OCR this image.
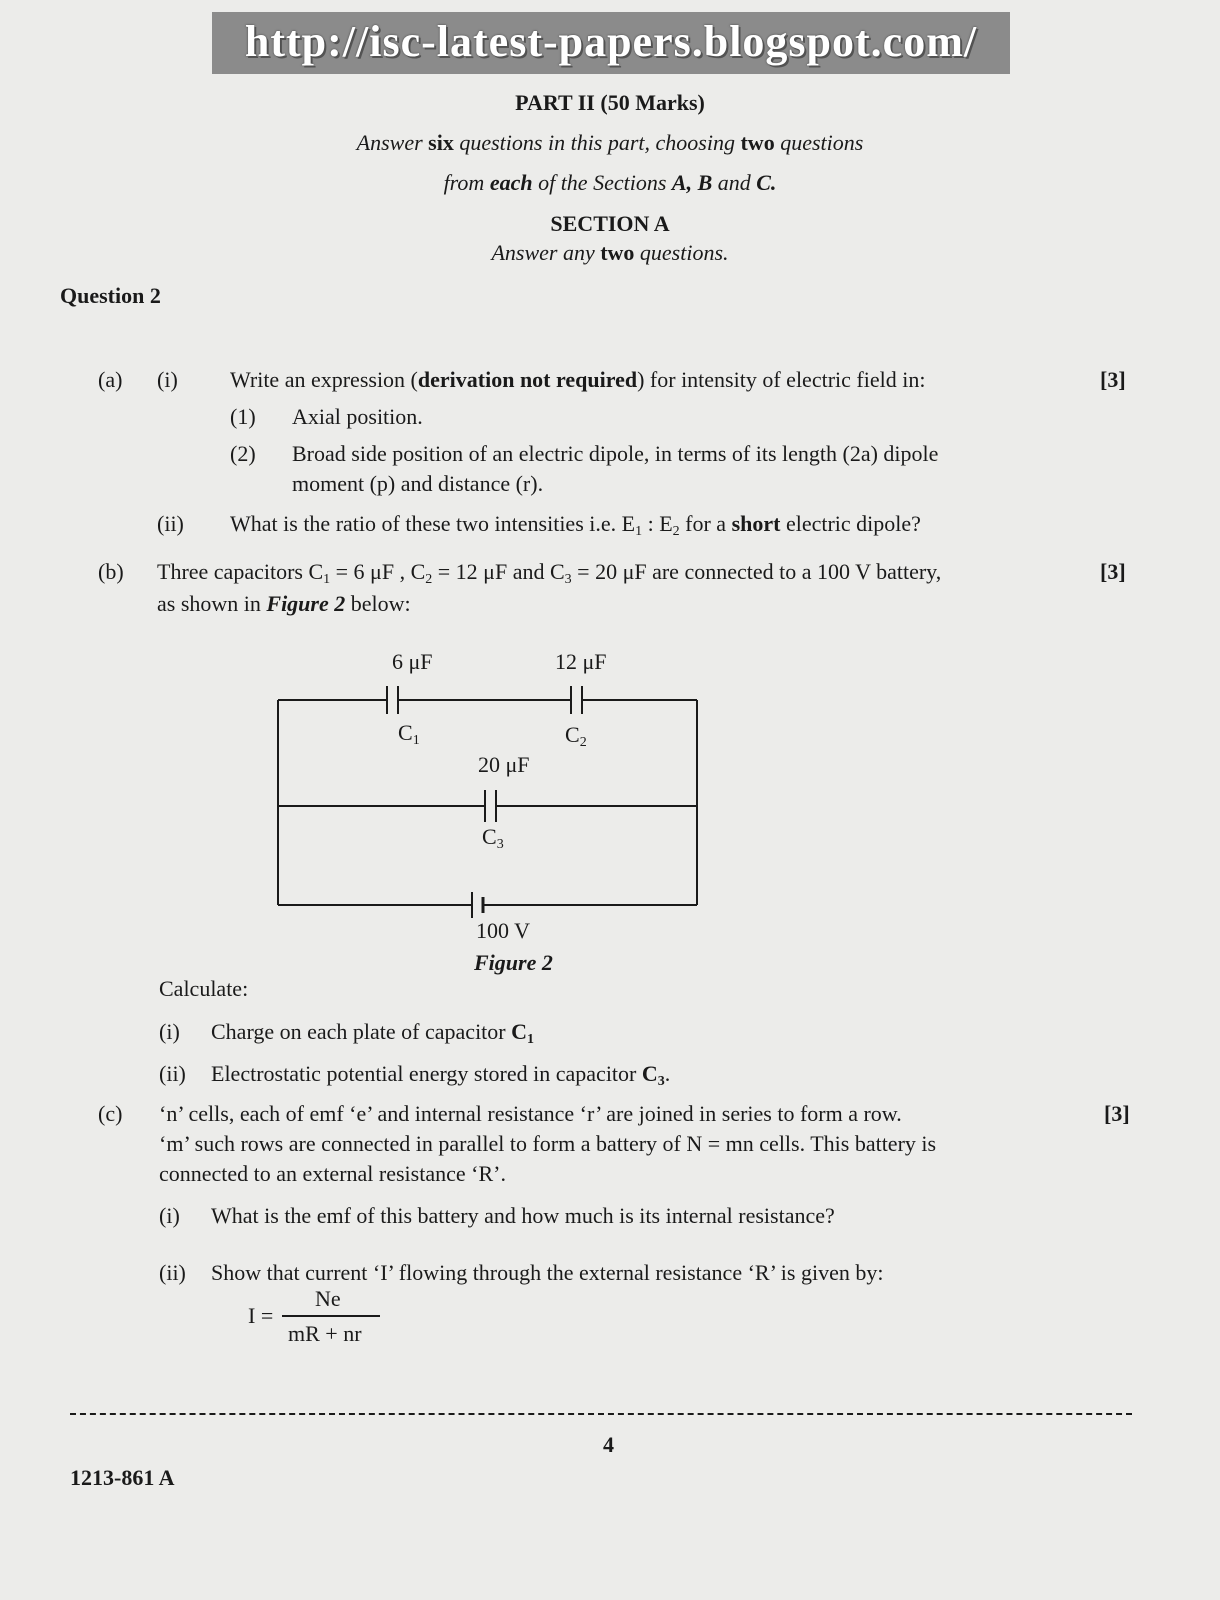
http://isc-latest-papers.blogspot.com/
PART II (50 Marks)
Answer six questions in this part, choosing two questions
from each of the Sections A, B and C.
SECTION A
Answer any two questions.
Question 2
(a) (i) Write an expression (derivation not required) for intensity of electric field in:	[3]
(1) Axial position.
(2) Broad side position of an electric dipole, in terms of its length (2a) dipole
moment (p) and distance (r).
(ii) What is the ratio of these two intensities i.e. $E_1$ : $E_2$ for a short electric dipole?
(b) Three capacitors $C_1 = 6$ μF , $C_2 = 12$ μF and $C_3 = 20$ μF are connected to a 100 V battery,	[3]
as shown in Figure 2 below:
6 μF	12 μF
$C_1$	$C_2$
20 μF
$C_3$
100 V
Figure 2
Calculate:
(i) Charge on each plate of capacitor $C_1$
(ii) Electrostatic potential energy stored in capacitor $C_3$.
(c) ‘n’ cells, each of emf ‘e’ and internal resistance ‘r’ are joined in series to form a row.	[3]
‘m’ such rows are connected in parallel to form a battery of N = mn cells. This battery is
connected to an external resistance ‘R’.
(i) What is the emf of this battery and how much is its internal resistance?
(ii) Show that current ‘I’ flowing through the external resistance ‘R’ is given by:
I =
Ne
mR + nr
4
1213-861 A
